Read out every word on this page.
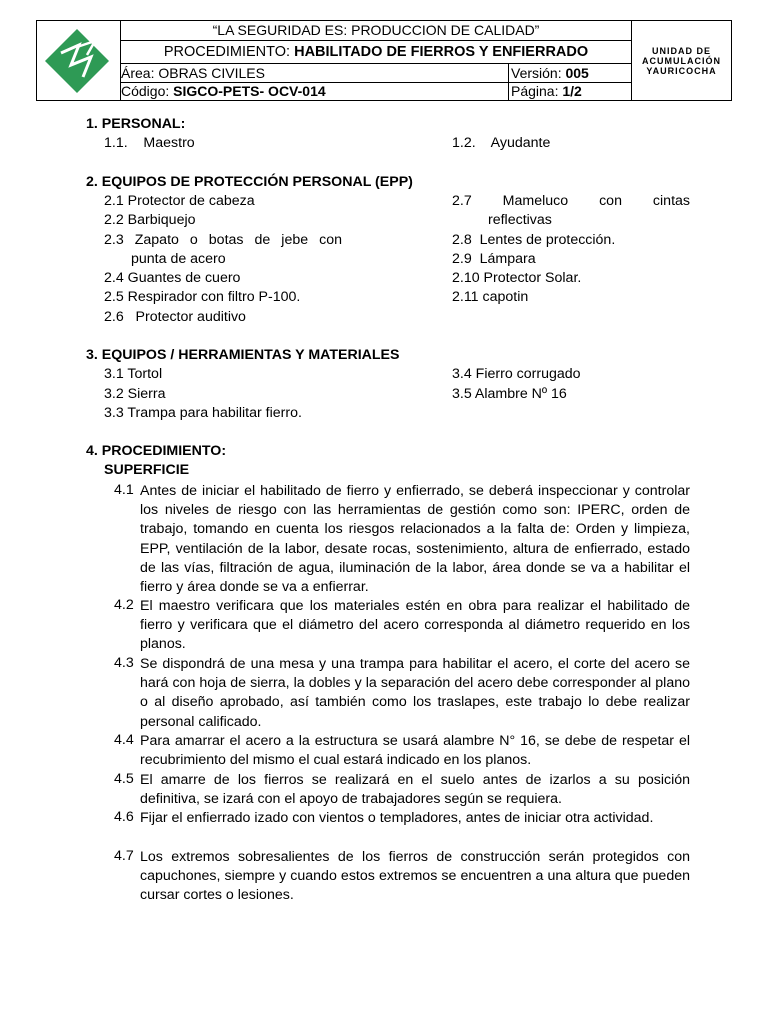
“LA SEGURIDAD ES: PRODUCCION DE CALIDAD”
PROCEDIMIENTO: HABILITADO DE FIERROS Y ENFIERRADO
Área: OBRAS CIVILES	Versión: 005
Código: SIGCO-PETS- OCV-014	Página: 1/2
UNIDAD DE
ACUMULACIÓN
YAURICOCHA
1. PERSONAL:
1.1.    Maestro	1.2.    Ayudante
2. EQUIPOS DE PROTECCIÓN PERSONAL (EPP)
2.1 Protector de cabeza
2.2 Barbiquejo
2.3 Zapato o botas de jebe con
punta de acero
2.4 Guantes de cuero
2.5 Respirador con filtro P-100.
2.6   Protector auditivo
2.7 Mameluco con cintas
reflectivas
2.8  Lentes de protección.
2.9  Lámpara
2.10 Protector Solar.
2.11 capotin
3. EQUIPOS / HERRAMIENTAS Y MATERIALES
3.1 Tortol
3.2 Sierra
3.3 Trampa para habilitar fierro.
3.4 Fierro corrugado
3.5 Alambre Nº 16
4. PROCEDIMIENTO:
SUPERFICIE
4.1 Antes de iniciar el habilitado de fierro y enfierrado, se deberá inspeccionar y controlar los niveles de riesgo con las herramientas de gestión como son: IPERC, orden de trabajo, tomando en cuenta los riesgos relacionados a la falta de: Orden y limpieza, EPP, ventilación de la labor, desate rocas, sostenimiento, altura de enfierrado, estado de las vías, filtración de agua, iluminación de la labor, área donde se va a habilitar el fierro y área donde se va a enfierrar.
4.2 El maestro verificara que los materiales estén en obra para realizar el habilitado de fierro y verificara que el diámetro del acero corresponda al diámetro requerido en los planos.
4.3 Se dispondrá de una mesa y una trampa para habilitar el acero, el corte del acero se hará con hoja de sierra, la dobles y la separación del acero debe corresponder al plano o al diseño aprobado, así también como los traslapes, este trabajo lo debe realizar personal calificado.
4.4 Para amarrar el acero a la estructura se usará alambre N° 16, se debe de respetar el recubrimiento del mismo el cual estará indicado en los planos.
4.5 El amarre de los fierros se realizará en el suelo antes de izarlos a su posición definitiva, se izará con el apoyo de trabajadores según se requiera.
4.6 Fijar el enfierrado izado con vientos o templadores, antes de iniciar otra actividad.
4.7 Los extremos sobresalientes de los fierros de construcción serán protegidos con capuchones, siempre y cuando estos extremos se encuentren a una altura que pueden cursar cortes o lesiones.
